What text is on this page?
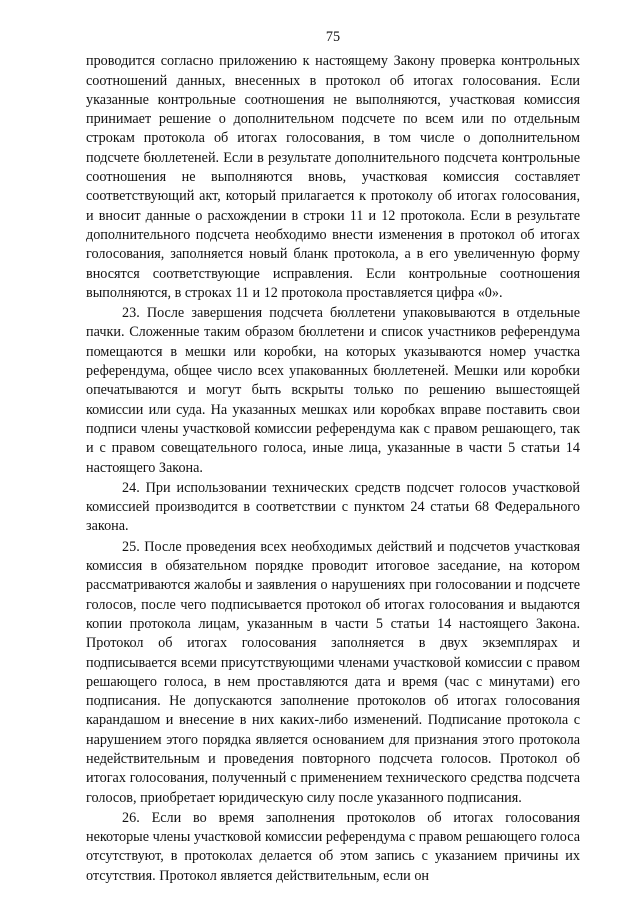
75

проводится согласно приложению к настоящему Закону проверка контрольных соотношений данных, внесенных в протокол об итогах голосования. Если указанные контрольные соотношения не выполняются, участковая комиссия принимает решение о дополнительном подсчете по всем или по отдельным строкам протокола об итогах голосования, в том числе о дополнительном подсчете бюллетеней. Если в результате дополнительного подсчета контрольные соотношения не выполняются вновь, участковая комиссия составляет соответствующий акт, который прилагается к протоколу об итогах голосования, и вносит данные о расхождении в строки 11 и 12 протокола. Если в результате дополнительного подсчета необходимо внести изменения в протокол об итогах голосования, заполняется новый бланк протокола, а в его увеличенную форму вносятся соответствующие исправления. Если контрольные соотношения выполняются, в строках 11 и 12 протокола проставляется цифра «0».

23. После завершения подсчета бюллетени упаковываются в отдельные пачки. Сложенные таким образом бюллетени и список участников референдума помещаются в мешки или коробки, на которых указываются номер участка референдума, общее число всех упакованных бюллетеней. Мешки или коробки опечатываются и могут быть вскрыты только по решению вышестоящей комиссии или суда. На указанных мешках или коробках вправе поставить свои подписи члены участковой комиссии референдума как с правом решающего, так и с правом совещательного голоса, иные лица, указанные в части 5 статьи 14 настоящего Закона.

24. При использовании технических средств подсчет голосов участковой комиссией производится в соответствии с пунктом 24 статьи 68 Федерального закона.

25. После проведения всех необходимых действий и подсчетов участковая комиссия в обязательном порядке проводит итоговое заседание, на котором рассматриваются жалобы и заявления о нарушениях при голосовании и подсчете голосов, после чего подписывается протокол об итогах голосования и выдаются копии протокола лицам, указанным в части 5 статьи 14 настоящего Закона. Протокол об итогах голосования заполняется в двух экземплярах и подписывается всеми присутствующими членами участковой комиссии с правом решающего голоса, в нем проставляются дата и время (час с минутами) его подписания. Не допускаются заполнение протоколов об итогах голосования карандашом и внесение в них каких-либо изменений. Подписание протокола с нарушением этого порядка является основанием для признания этого протокола недействительным и проведения повторного подсчета голосов. Протокол об итогах голосования, полученный с применением технического средства подсчета голосов, приобретает юридическую силу после указанного подписания.

26. Если во время заполнения протоколов об итогах голосования некоторые члены участковой комиссии референдума с правом решающего голоса отсутствуют, в протоколах делается об этом запись с указанием причины их отсутствия. Протокол является действительным, если он
